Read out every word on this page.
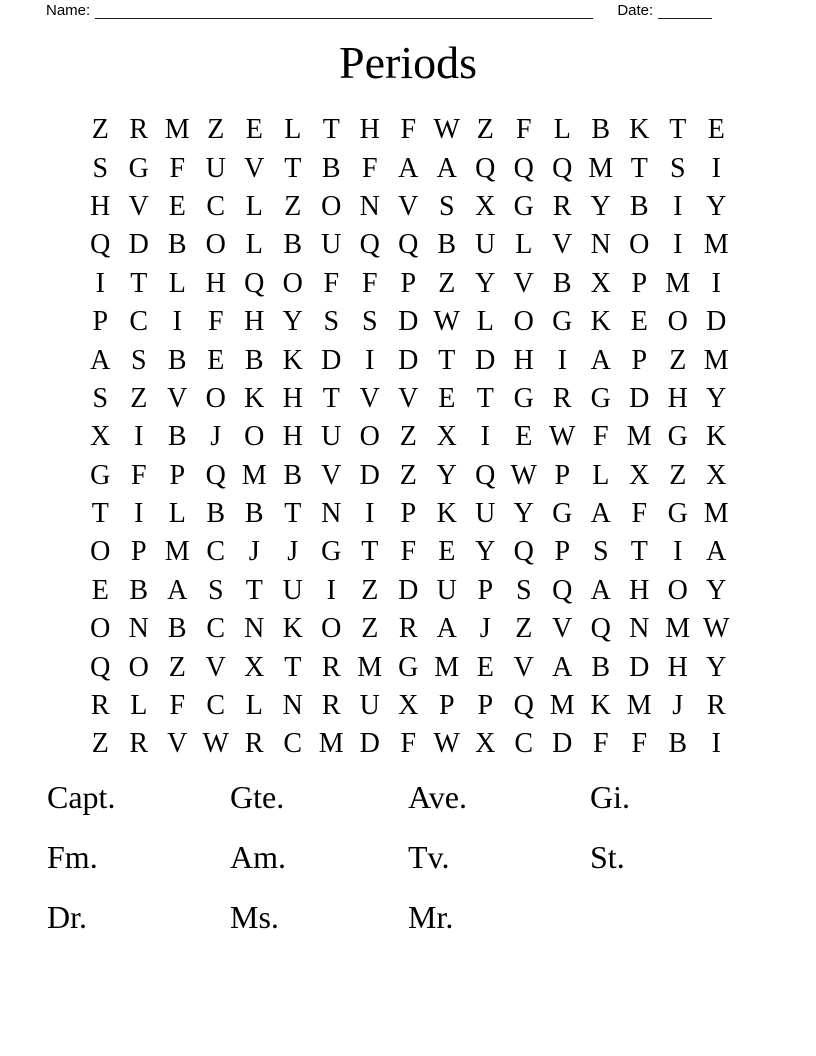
Name:	Date:
Periods
Z R M Z E L T H F W Z F L B K T E
S G F U V T B F A A Q Q Q M T S I
H V E C L Z O N V S X G R Y B I Y
Q D B O L B U Q Q B U L V N O I M
I T L H Q O F F P Z Y V B X P M I
P C I F H Y S S D W L O G K E O D
A S B E B K D I D T D H I A P Z M
S Z V O K H T V V E T G R G D H Y
X I B J O H U O Z X I E W F M G K
G F P Q M B V D Z Y Q W P L X Z X
T I L B B T N I P K U Y G A F G M
O P M C J J G T F E Y Q P S T I A
E B A S T U I Z D U P S Q A H O Y
O N B C N K O Z R A J Z V Q N M W
Q O Z V X T R M G M E V A B D H Y
R L F C L N R U X P P Q M K M J R
Z R V W R C M D F W X C D F F B I
Capt.	Gte.	Ave.	Gi.
Fm.	Am.	Tv.	St.
Dr.	Ms.	Mr.
